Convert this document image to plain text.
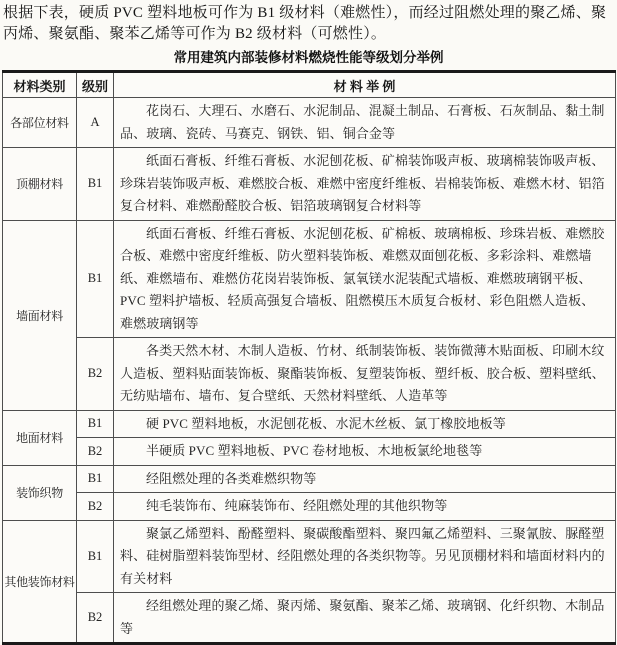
根据下表，硬质 PVC 塑料地板可作为 B1 级材料（难燃性），而经过阻燃处理的聚乙烯、聚丙烯、聚氨酯、聚苯乙烯等可作为 B2 级材料（可燃性）。

常用建筑内部装修材料燃烧性能等级划分举例
材料类别	级别	材 料 举 例
各部位材料	A	花岗石、大理石、水磨石、水泥制品、混凝土制品、石膏板、石灰制品、黏土制品、玻璃、瓷砖、马赛克、钢铁、铝、铜合金等

顶棚材料	B1	纸面石膏板、纤维石膏板、水泥刨花板、矿棉装饰吸声板、玻璃棉装饰吸声板、珍珠岩装饰吸声板、难燃胶合板、难燃中密度纤维板、岩棉装饰板、难燃木材、铝箔复合材料、难燃酚醛胶合板、铝箔玻璃钢复合材料等

墙面材料	B1	纸面石膏板、纤维石膏板、水泥刨花板、矿棉板、玻璃棉板、珍珠岩板、难燃胶合板、难燃中密度纤维板、防火塑料装饰板、难燃双面刨花板、多彩涂料、难燃墙纸、难燃墙布、难燃仿花岗岩装饰板、氯氧镁水泥装配式墙板、难燃玻璃钢平板、PVC 塑料护墙板、轻质高强复合墙板、阻燃模压木质复合板材、彩色阻燃人造板、难燃玻璃钢等

	B2	各类天然木材、木制人造板、竹材、纸制装饰板、装饰微薄木贴面板、印刷木纹人造板、塑料贴面装饰板、聚酯装饰板、复塑装饰板、塑纤板、胶合板、塑料壁纸、无纺贴墙布、墙布、复合壁纸、天然材料壁纸、人造革等

地面材料	B1	硬 PVC 塑料地板，水泥刨花板、水泥木丝板、氯丁橡胶地板等

	B2	半硬质 PVC 塑料地板、PVC 卷材地板、木地板氯纶地毯等

装饰织物	B1	经阻燃处理的各类难燃织物等

	B2	纯毛装饰布、纯麻装饰布、经阻燃处理的其他织物等

其他装饰材料	B1	聚氯乙烯塑料、酚醛塑料、聚碳酸酯塑料、聚四氟乙烯塑料、三聚氰胺、脲醛塑料、硅树脂塑料装饰型材、经阻燃处理的各类织物等。另见顶棚材料和墙面材料内的有关材料

	B2	经组燃处理的聚乙烯、聚丙烯、聚氨酯、聚苯乙烯、玻璃钢、化纤织物、木制品等
